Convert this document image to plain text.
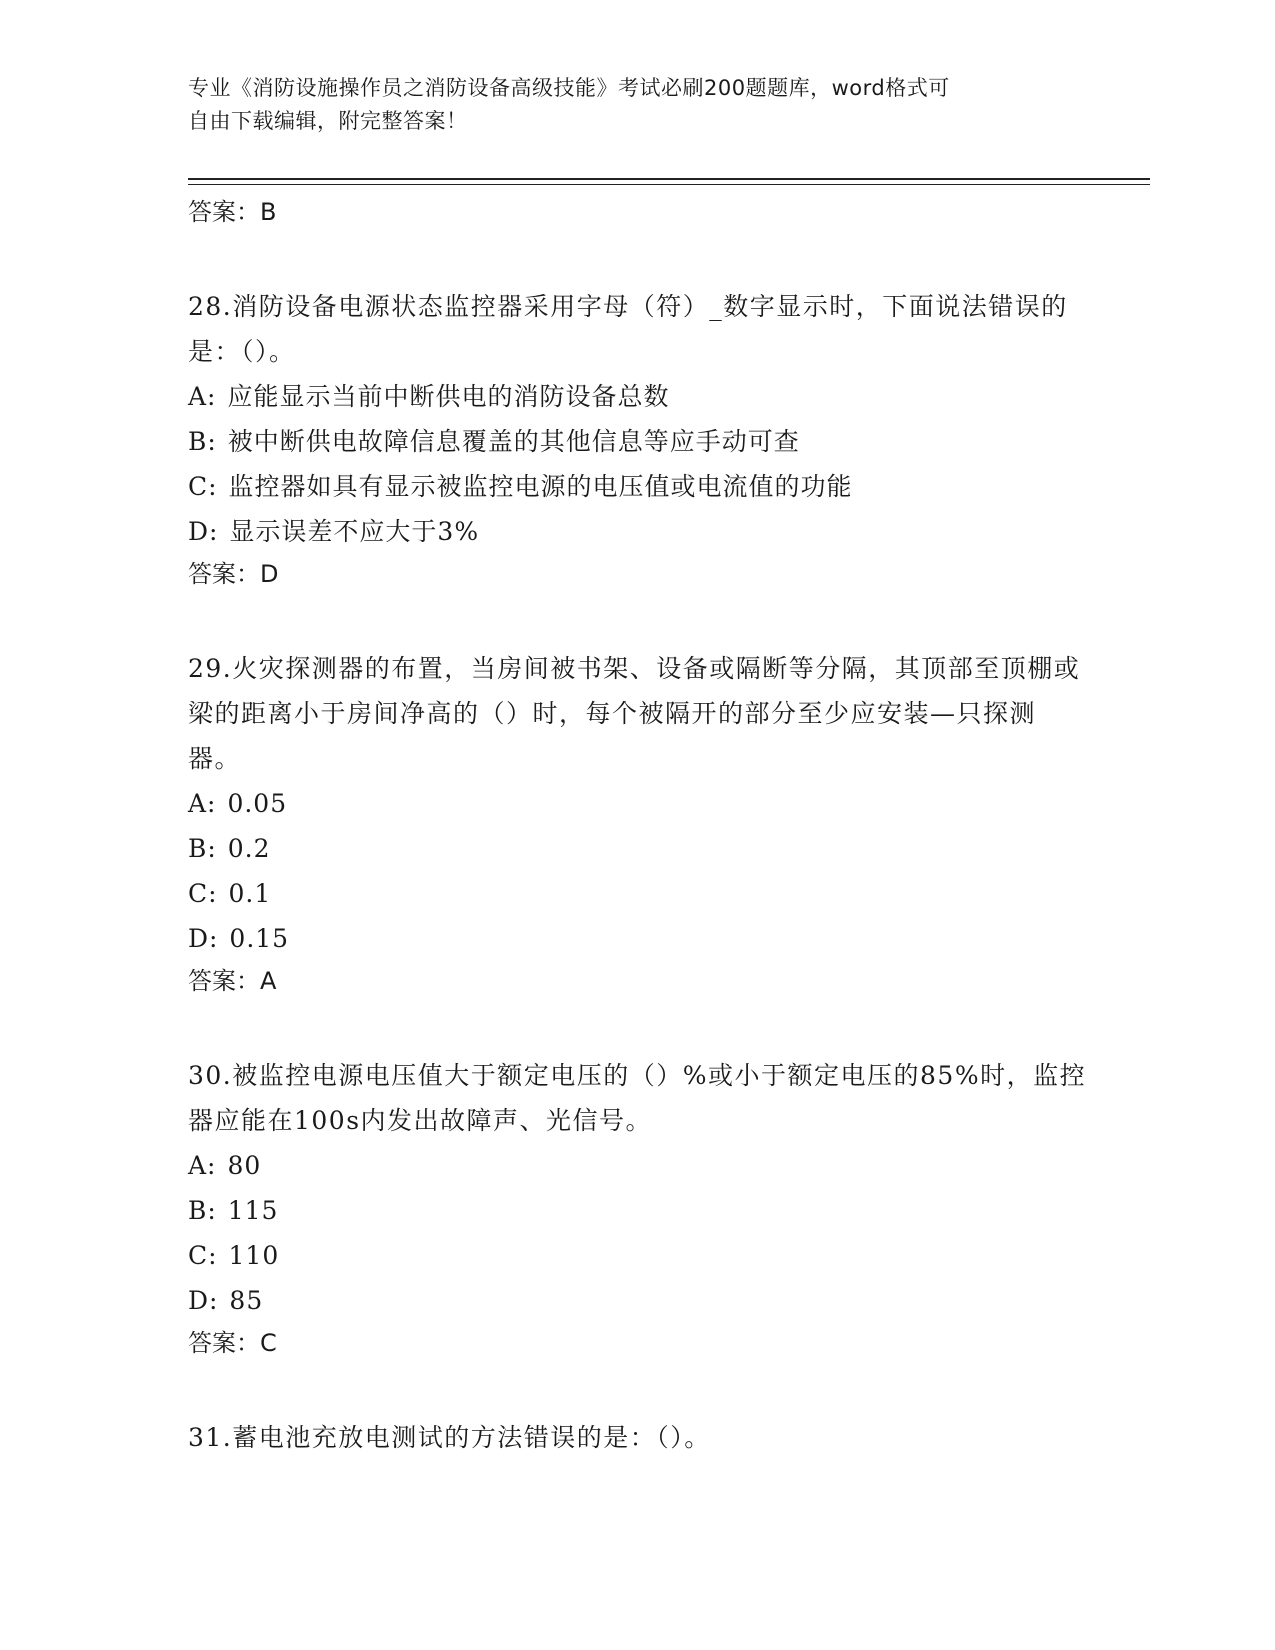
专业《消防设施操作员之消防设备高级技能》考试必刷200题题库，word格式可
自由下载编辑，附完整答案！

答案：B

28.消防设备电源状态监控器采用字母（符）_数字显示时，下面说法错误的是：（）。

A: 应能显示当前中断供电的消防设备总数

B: 被中断供电故障信息覆盖的其他信息等应手动可查

C: 监控器如具有显示被监控电源的电压值或电流值的功能

D: 显示误差不应大于3%

答案：D

29.火灾探测器的布置，当房间被书架、设备或隔断等分隔，其顶部至顶棚或梁的距离小于房间净高的（）时，每个被隔开的部分至少应安装—只探测器。

A: 0.05

B: 0.2

C: 0.1

D: 0.15

答案：A

30.被监控电源电压值大于额定电压的（）%或小于额定电压的85%时，监控器应能在100s内发出故障声、光信号。

A: 80

B: 115

C: 110

D: 85

答案：C

31.蓄电池充放电测试的方法错误的是：（）。
